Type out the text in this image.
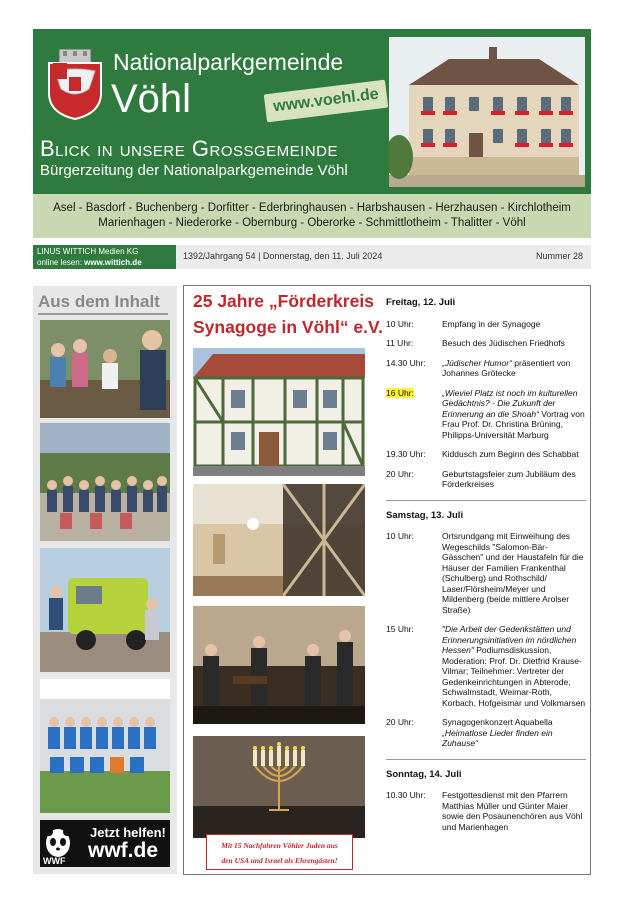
Nationalparkgemeinde
Vöhl	www.voehl.de
Blick in unsere Grossgemeinde
Bürgerzeitung der Nationalparkgemeinde Vöhl
Asel - Basdorf - Buchenberg - Dorfitter - Ederbringhausen - Harbshausen - Herzhausen - Kirchlotheim
Marienhagen - Niederorke - Obernburg - Oberorke - Schmittlotheim - Thalitter - Vöhl
LINUS WITTICH Medien KG
online lesen: www.wittich.de
1392/Jahrgang 54 | Donnerstag, den 11. Juli 2024	Nummer 28
Aus dem Inhalt
WWF
Jetzt helfen!
wwf.de
25 Jahre „Förderkreis
Synagoge in Vöhl“ e.V.
Mit 15 Nachfahren Vöhler Juden aus
den USA und Israel als Ehrengästen!
Freitag, 12. Juli
10 Uhr:	Empfang in der Synagoge
11 Uhr:	Besuch des Jüdischen Friedhofs
14.30 Uhr:	„Jüdischer Humor“ präsentiert von Johannes Grötecke
16 Uhr:	„Wieviel Platz ist noch im kulturellen Gedächtnis? - Die Zukunft der Erinnerung an die Shoah“ Vortrag von Frau Prof. Dr. Christina Brüning, Philipps-Universität Marburg
19.30 Uhr:	Kiddusch zum Beginn des Schabbat
20 Uhr:	Geburtstagsfeier zum Jubiläum des Förderkreises
Samstag, 13. Juli
10 Uhr:	Ortsrundgang mit Einweihung des Wegeschilds "Salomon-Bär-Gässchen" und der Haustafeln für die Häuser der Familien Frankenthal (Schulberg) und Rothschild/ Laser/Flörsheim/Meyer und Mildenberg (beide mittlere Arolser Straße)
15 Uhr:	"Die Arbeit der Gedenkstätten und Erinnerungsinitiativen im nördlichen Hessen" Podiumsdiskussion, Moderation: Prof. Dr. Dietfrid Krause-Vilmar; Teilnehmer: Vertreter der Gedenkeinrichtungen in Abterode, Schwalmstadt, Weimar-Roth, Korbach, Hofgeismar und Volkmarsen
20 Uhr:	Synagogenkonzert Aquabella „Heimatlose Lieder finden ein Zuhause“
Sonntag, 14. Juli
10.30 Uhr:	Festgottesdienst mit den Pfarrern Matthias Müller und Günter Maier sowie den Posaunenchören aus Vöhl und Marienhagen
